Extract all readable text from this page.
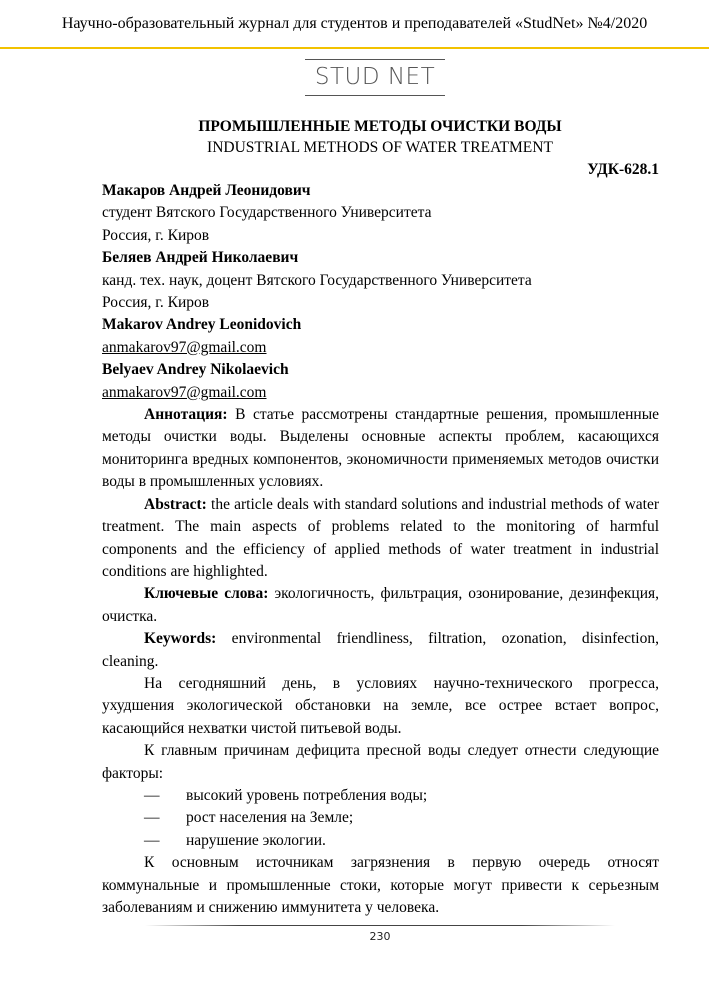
Научно-образовательный журнал для студентов и преподавателей «StudNet» №4/2020
STUD NET
ПРОМЫШЛЕННЫЕ МЕТОДЫ ОЧИСТКИ ВОДЫ
INDUSTRIAL METHODS OF WATER TREATMENT
УДК-628.1

Макаров Андрей Леонидович

студент Вятского Государственного Университета

Россия, г. Киров

Беляев Андрей Николаевич

канд. тех. наук, доцент Вятского Государственного Университета

Россия, г. Киров

Makarov Andrey Leonidovich

anmakarov97@gmail.com

Belyaev Andrey Nikolaevich

anmakarov97@gmail.com

Аннотация: В статье рассмотрены стандартные решения, промышленные методы очистки воды. Выделены основные аспекты проблем, касающихся мониторинга вредных компонентов, экономичности применяемых методов очистки воды в промышленных условиях.

Abstract: the article deals with standard solutions and industrial methods of water treatment. The main aspects of problems related to the monitoring of harmful components and the efficiency of applied methods of water treatment in industrial conditions are highlighted.

Ключевые слова: экологичность, фильтрация, озонирование, дезинфекция, очистка.

Keywords: environmental friendliness, filtration, ozonation, disinfection, cleaning.

На сегодняшний день, в условиях научно-технического прогресса, ухудшения экологической обстановки на земле, все острее встает вопрос, касающийся нехватки чистой питьевой воды.

К главным причинам дефицита пресной воды следует отнести следующие факторы:

— высокий уровень потребления воды;

— рост населения на Земле;

— нарушение экологии.

К основным источникам загрязнения в первую очередь относят коммунальные и промышленные стоки, которые могут привести к серьезным заболеваниям и снижению иммунитета у человека.

230
